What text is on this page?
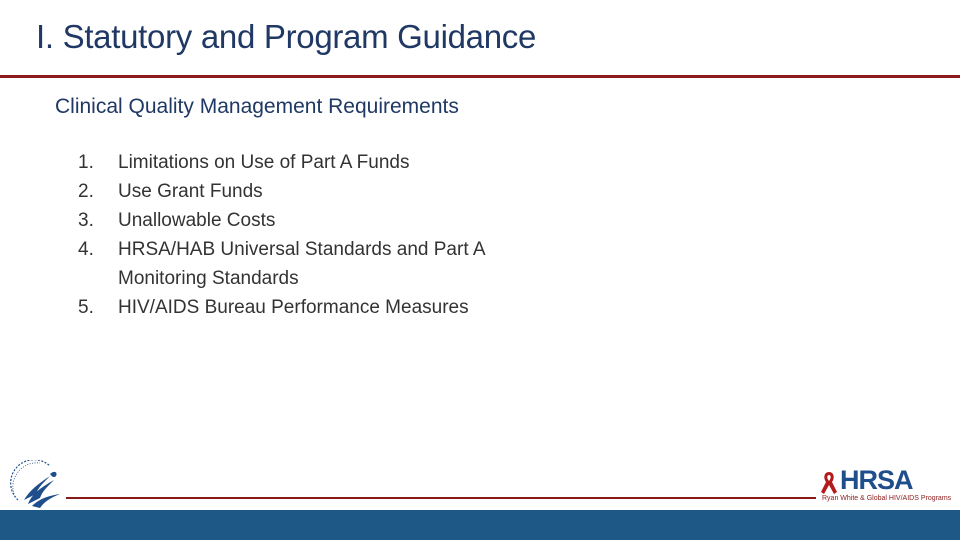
I. Statutory and Program Guidance
Clinical Quality Management Requirements
1.	Limitations on Use of Part A Funds
2.	Use Grant Funds
3.	Unallowable Costs
4.	HRSA/HAB Universal Standards and Part A Monitoring Standards
5.	HIV/AIDS Bureau Performance Measures
HRSA
Ryan White & Global HIV/AIDS Programs
